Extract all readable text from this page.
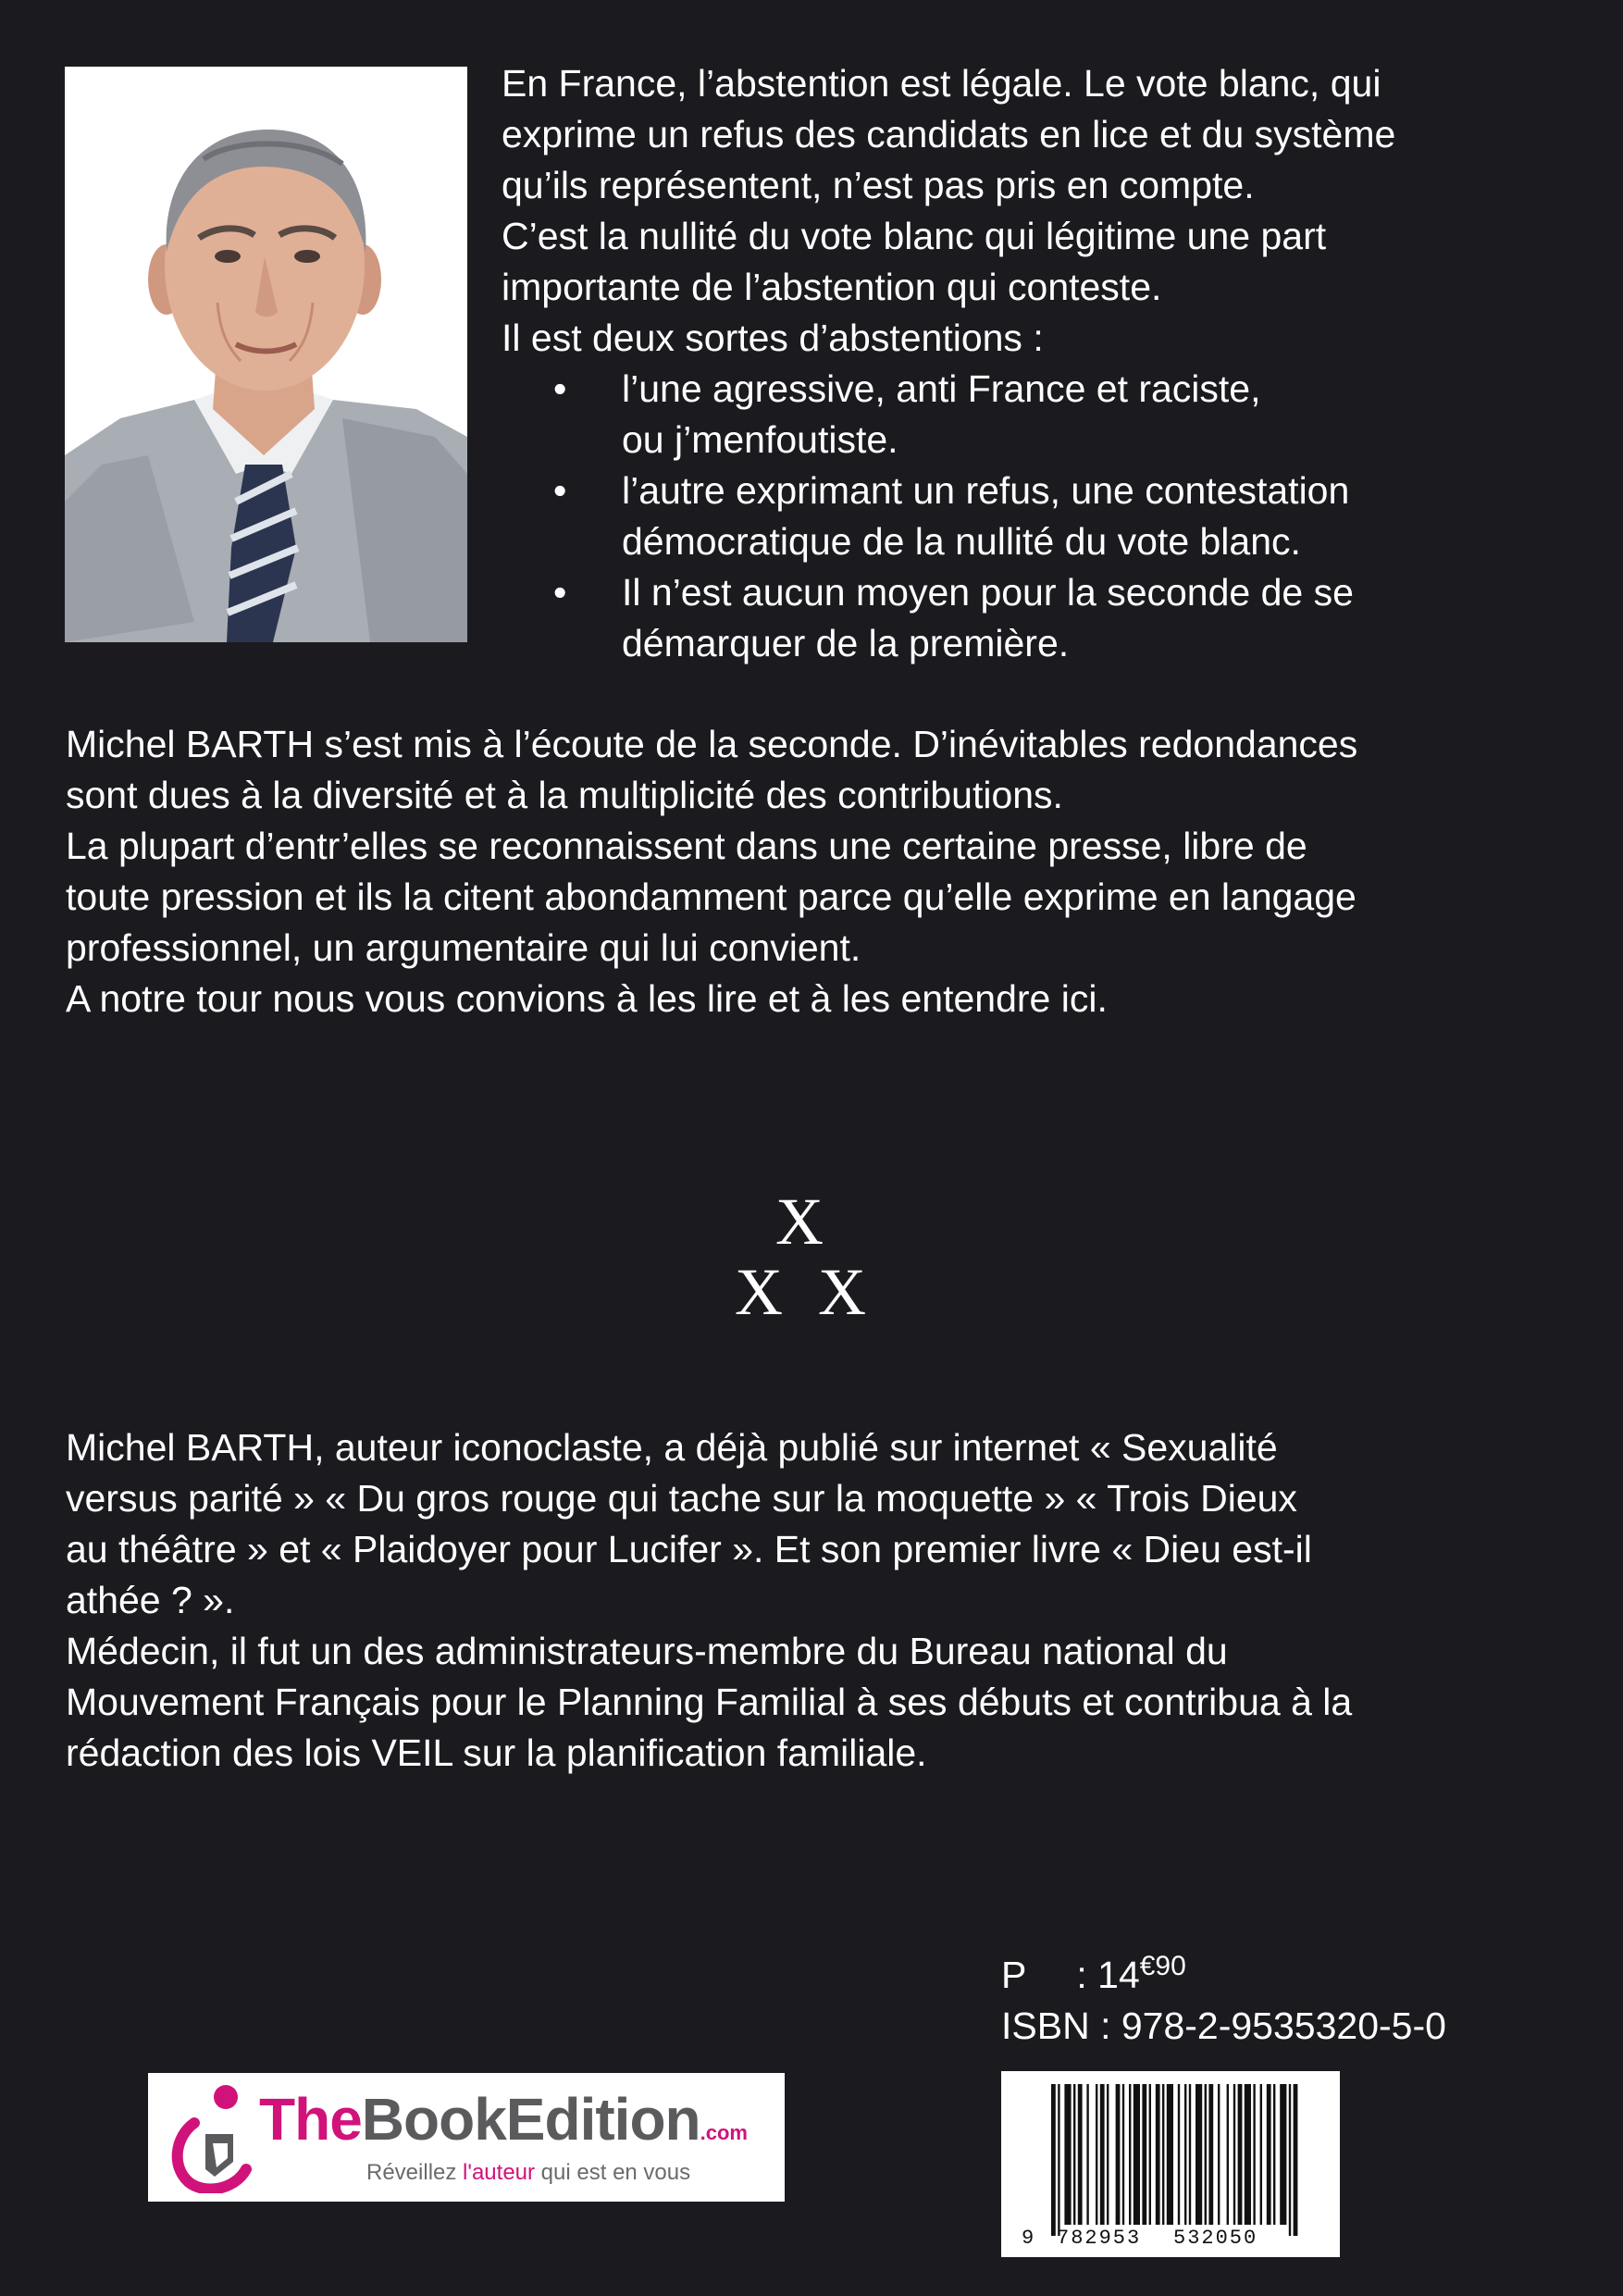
En France, l’abstention est légale. Le vote blanc, qui

exprime un refus des candidats en lice et du système

qu’ils représentent, n’est pas pris en compte.

C’est la nullité du vote blanc qui légitime une part

importante de l’abstention qui conteste.

Il est deux sortes d’abstentions :

• l’une agressive, anti France et raciste,
ou j’menfoutiste.
• l’autre exprimant un refus, une contestation
démocratique de la nullité du vote blanc.
• Il n’est aucun moyen pour la seconde de se
démarquer de la première.

Michel BARTH s’est mis à l’écoute de la seconde. D’inévitables redondances

sont dues à la diversité et à la multiplicité des contributions.

La plupart d’entr’elles se reconnaissent dans une certaine presse, libre de

toute pression et ils la citent abondamment parce qu’elle exprime en langage

professionnel, un argumentaire qui lui convient.

A notre tour nous vous convions à les lire et à les entendre ici.

X
X X

Michel BARTH, auteur iconoclaste, a déjà publié sur internet « Sexualité

versus parité » « Du gros rouge qui tache sur la moquette » « Trois Dieux

au théâtre » et « Plaidoyer pour Lucifer ». Et son premier livre « Dieu est-il

athée ? ».

Médecin, il fut un des administrateurs-membre du Bureau national du

Mouvement Français pour le Planning Familial à ses débuts et contribua à la

rédaction des lois VEIL sur la planification familiale.

P : $14^{€90}$
ISBN : 978-2-9535320-5-0
TheBookEdition.com
Réveillez l'auteur qui est en vous
9 782953 532050
